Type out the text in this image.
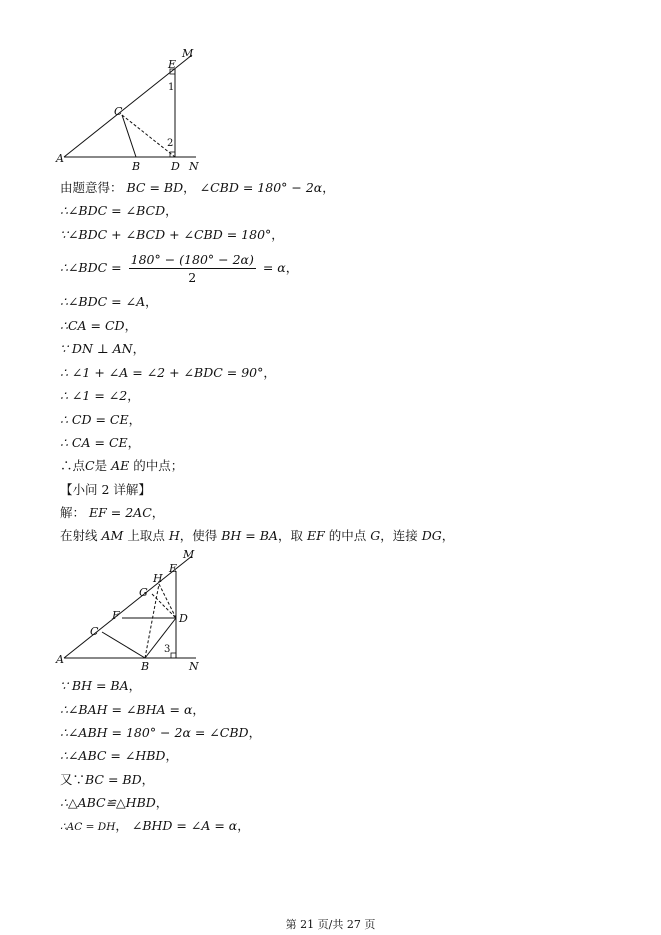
M
E
1
C
2
A
B	D N
由题意得： BC = BD， ∠CBD = 180° − 2α，
∴∠BDC = ∠BCD，
∵∠BDC + ∠BCD + ∠CBD = 180°，
∴∠BDC = $\frac{180^\circ - (180^\circ - 2\alpha)}{2} = \alpha$，
∴∠BDC = ∠A，
∴CA = CD，
∵ DN ⊥ AN，
∴ ∠1 + ∠A = ∠2 + ∠BDC = 90°，
∴ ∠1 = ∠2，
∴ CD = CE，
∴ CA = CE，
∴点C是 AE 的中点；
【小问 2 详解】
解： EF = 2AC，
在射线 AM 上取点 H，使得 BH = BA，取 EF 的中点 G，连接 DG，
M
E
H
G
F	D
C
3
A
B	N
∵ BH = BA，
∴∠BAH = ∠BHA = α，
∴∠ABH = 180° − 2α = ∠CBD，
∴∠ABC = ∠HBD，
又∵BC = BD，
∴△ABC≌△HBD，
∴AC = DH， ∠BHD = ∠A = α，
第 21 页/共 27 页
